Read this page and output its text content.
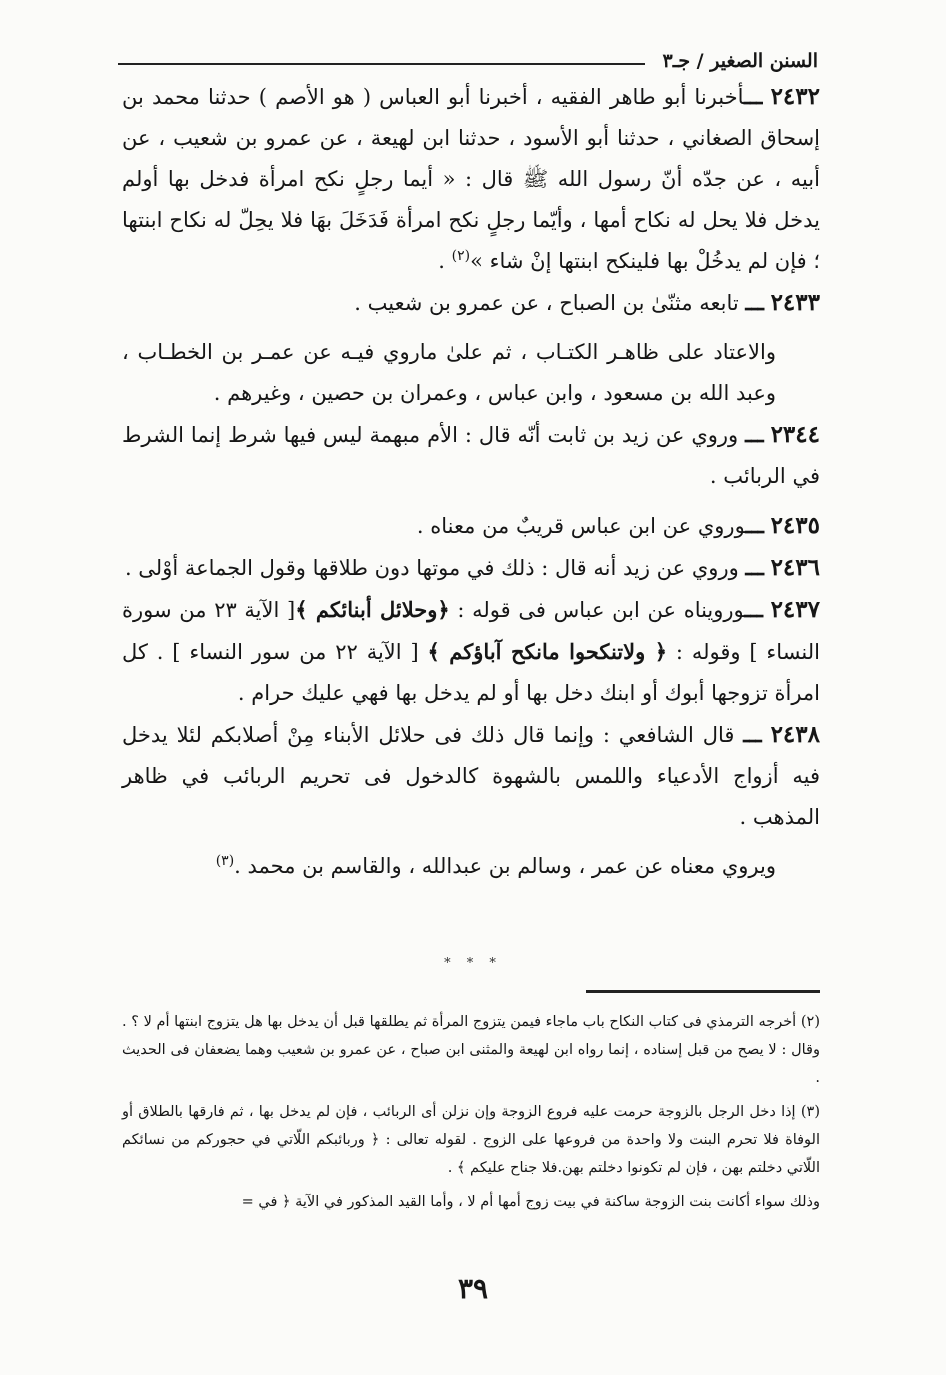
السنن الصغير / جـ٣

٢٤٣٢ ـــأخبرنا أبو طاهر الفقيه ، أخبرنا أبو العباس ( هو الأصم ) حدثنا محمد بن إسحاق الصغاني ، حدثنا أبو الأسود ، حدثنا ابن لهيعة ، عن عمرو بن شعيب ، عن أبيه ، عن جدّه أنّ رسول الله ﷺ قال : « أيما رجلٍ نكح امرأة فدخل بها أولم يدخل فلا يحل له نكاح أمها ، وأيّما رجلٍ نكح امرأة فَدَخَلَ بهَا فلا يحِلّ له نكاح ابنتها ؛ فإن لم يدخُلْ بها فلينكح ابنتها إنْ شاء »$^{(٢)}$ .

٢٤٣٣ ـــ تابعه مثنّىٰ بن الصباح ، عن عمرو بن شعيب .

والاعتاد على ظاهـر الكتـاب ، ثم علىٰ ماروي فيـه عن عمـر بن الخطـاب ، وعبد الله بن مسعود ، وابن عباس ، وعمران بن حصين ، وغيرهم .

٢٣٤٤ ـــ وروي عن زيد بن ثابت أنّه قال : الأم مبهمة ليس فيها شرط إنما الشرط في الربائب .

٢٤٣٥ ـــوروي عن ابن عباس قريبٌ من معناه .

٢٤٣٦ ـــ وروي عن زيد أنه قال : ذلك في موتها دون طلاقها وقول الجماعة أوْلى .

٢٤٣٧ ـــورويناه عن ابن عباس فى قوله : ﴿وحلائل أبنائكم ﴾[ الآية ٢٣ من سورة النساء ] وقوله : ﴿ ولاتنكحوا مانكح آباؤكم ﴾ [ الآية ٢٢ من سور النساء ] . كل امرأة تزوجها أبوك أو ابنك دخل بها أو لم يدخل بها فهي عليك حرام .

٢٤٣٨ ـــ قال الشافعي : وإنما قال ذلك فى حلائل الأبناء مِنْ أصلابكم لئلا يدخل فيه أزواج الأدعياء واللمس بالشهوة كالدخول فى تحريم الربائب في ظاهر المذهب .

ويروي معناه عن عمر ، وسالم بن عبدالله ، والقاسم بن محمد .$^{(٣)}$

* * *

(٢) أخرجه الترمذي فى كتاب النكاح باب ماجاء فيمن يتزوج المرأة ثم يطلقها قبل أن يدخل بها هل يتزوج ابنتها أم لا ؟ . وقال : لا يصح من قبل إسناده ، إنما رواه ابن لهيعة والمثنى ابن صباح ، عن عمرو بن شعيب وهما يضعفان فى الحديث .

(٣) إذا دخل الرجل بالزوجة حرمت عليه فروع الزوجة وإن نزلن أى الربائب ، فإن لم يدخل بها ، ثم فارقها بالطلاق أو الوفاة فلا تحرم البنت ولا واحدة من فروعها على الزوج . لقوله تعالى : ﴿ وربائبكم اللّاتي في حجوركم من نسائكم اللّاتي دخلتم بهن ، فإن لم تكونوا دخلتم بهن.فلا جناح عليكم ﴾ .

وذلك سواء أكانت بنت الزوجة ساكنة في بيت زوج أمها أم لا ، وأما القيد المذكور في الآية ﴿ في =

٣٩
